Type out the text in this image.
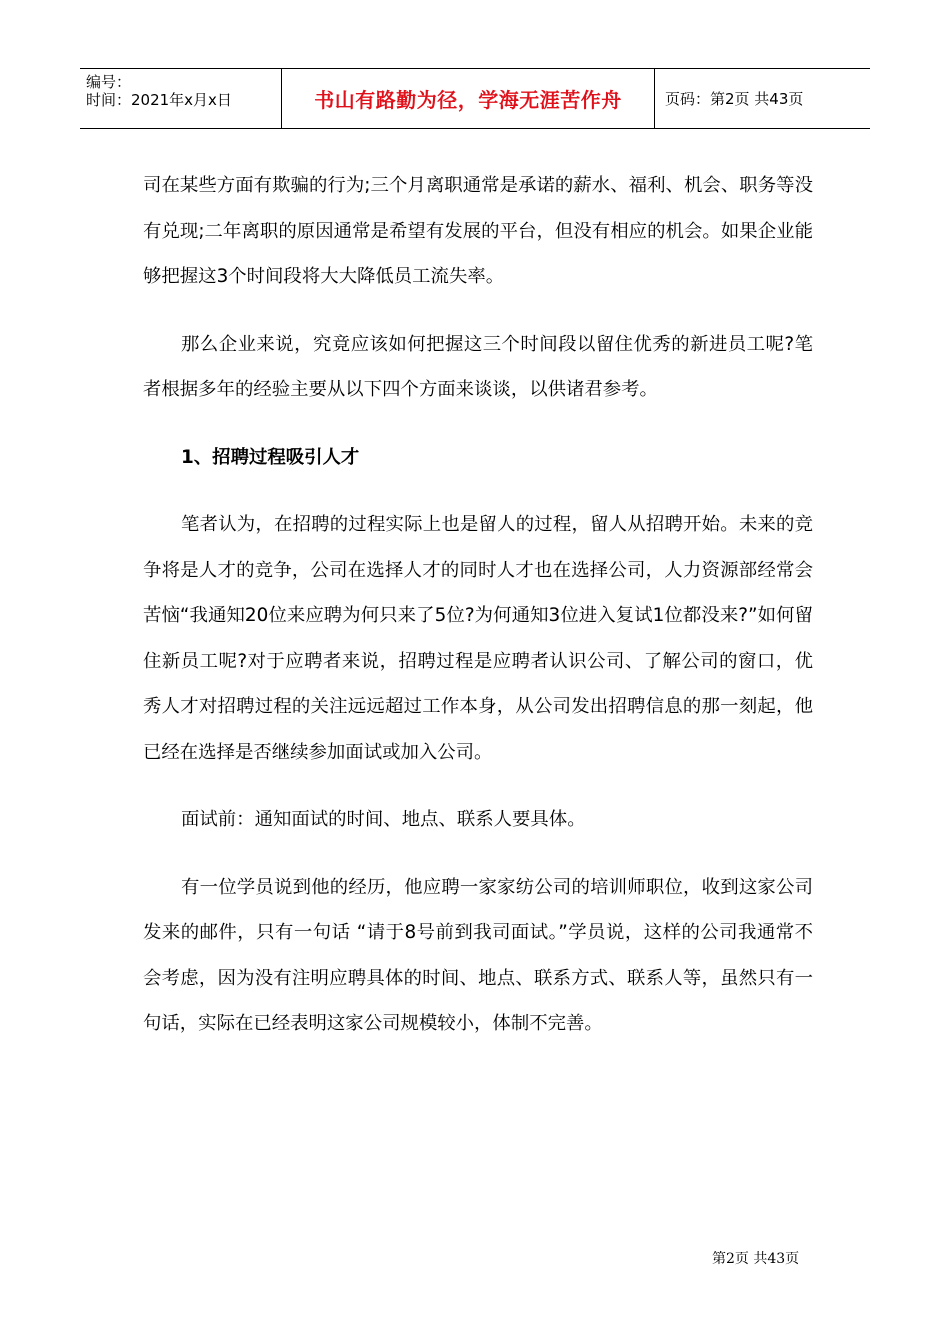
编号：
时间：2021年x月x日	书山有路勤为径，学海无涯苦作舟	页码：第2页 共43页

司在某些方面有欺骗的行为;三个月离职通常是承诺的薪水、福利、机会、职务等没有兑现;二年离职的原因通常是希望有发展的平台，但没有相应的机会。如果企业能够把握这3个时间段将大大降低员工流失率。

那么企业来说，究竟应该如何把握这三个时间段以留住优秀的新进员工呢?笔者根据多年的经验主要从以下四个方面来谈谈，以供诸君参考。

1、招聘过程吸引人才

笔者认为，在招聘的过程实际上也是留人的过程，留人从招聘开始。未来的竞争将是人才的竞争，公司在选择人才的同时人才也在选择公司，人力资源部经常会苦恼“我通知20位来应聘为何只来了5位?为何通知3位进入复试1位都没来?”如何留住新员工呢?对于应聘者来说，招聘过程是应聘者认识公司、了解公司的窗口，优秀人才对招聘过程的关注远远超过工作本身，从公司发出招聘信息的那一刻起，他已经在选择是否继续参加面试或加入公司。

面试前：通知面试的时间、地点、联系人要具体。

有一位学员说到他的经历，他应聘一家家纺公司的培训师职位，收到这家公司发来的邮件，只有一句话 “请于8号前到我司面试。”学员说，这样的公司我通常不会考虑，因为没有注明应聘具体的时间、地点、联系方式、联系人等，虽然只有一句话，实际在已经表明这家公司规模较小，体制不完善。

第2页 共43页
